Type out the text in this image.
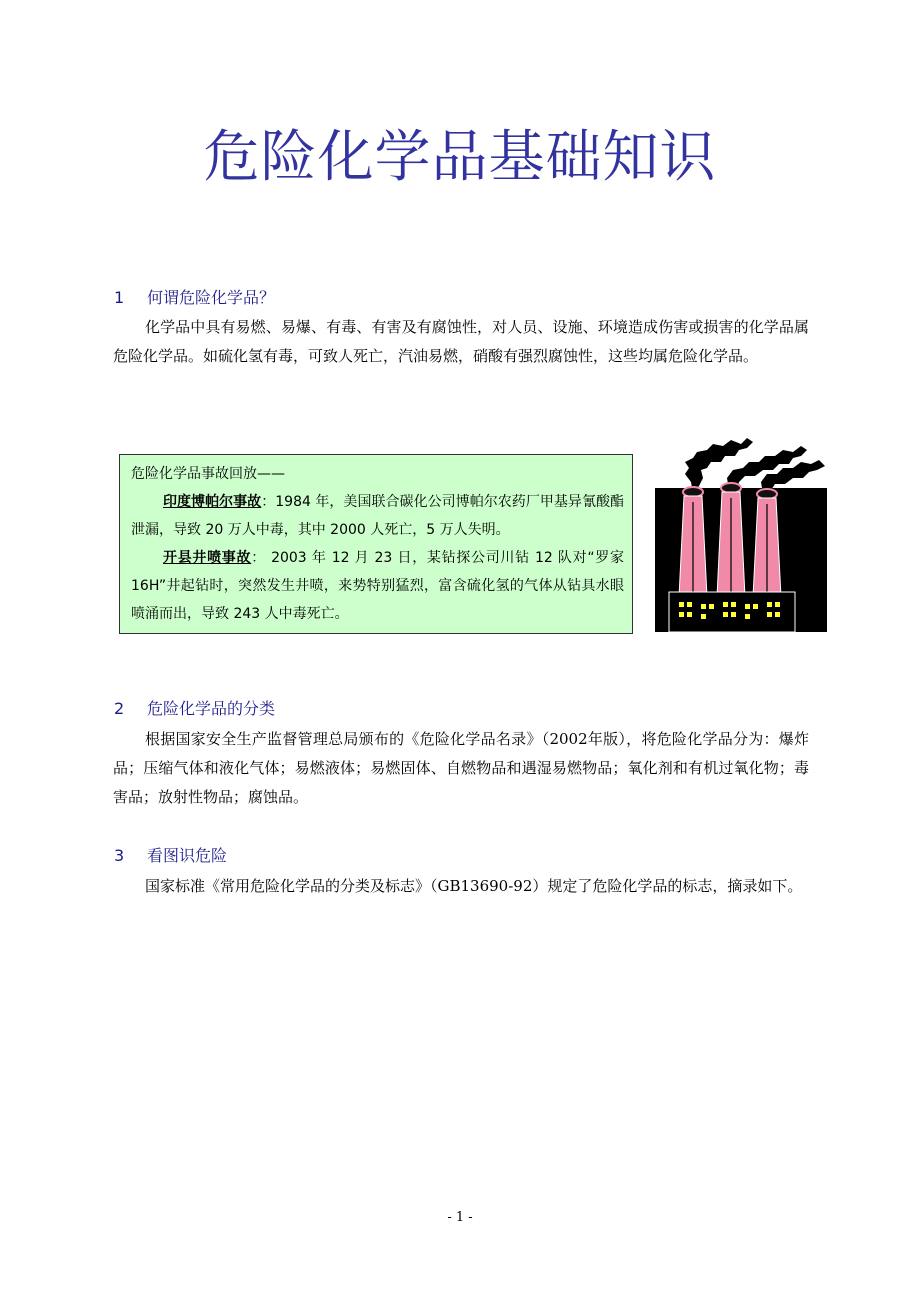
危险化学品基础知识
1 何谓危险化学品？

化学品中具有易燃、易爆、有毒、有害及有腐蚀性，对人员、设施、环境造成伤害或损害的化学品属危险化学品。如硫化氢有毒，可致人死亡，汽油易燃，硝酸有强烈腐蚀性，这些均属危险化学品。

危险化学品事故回放——

印度博帕尔事故：1984 年，美国联合碳化公司博帕尔农药厂甲基异氰酸酯泄漏，导致 20 万人中毒，其中 2000 人死亡，5 万人失明。

开县井喷事故： 2003 年 12 月 23 日，某钻探公司川钻 12 队对“罗家 16H”井起钻时，突然发生井喷，来势特别猛烈，富含硫化氢的气体从钻具水眼喷涌而出，导致 243 人中毒死亡。

2 危险化学品的分类

根据国家安全生产监督管理总局颁布的《危险化学品名录》（2002年版），将危险化学品分为：爆炸品；压缩气体和液化气体；易燃液体；易燃固体、自燃物品和遇湿易燃物品；氧化剂和有机过氧化物；毒害品；放射性物品；腐蚀品。

3 看图识危险

国家标准《常用危险化学品的分类及标志》（GB13690-92）规定了危险化学品的标志，摘录如下。

- 1 -
